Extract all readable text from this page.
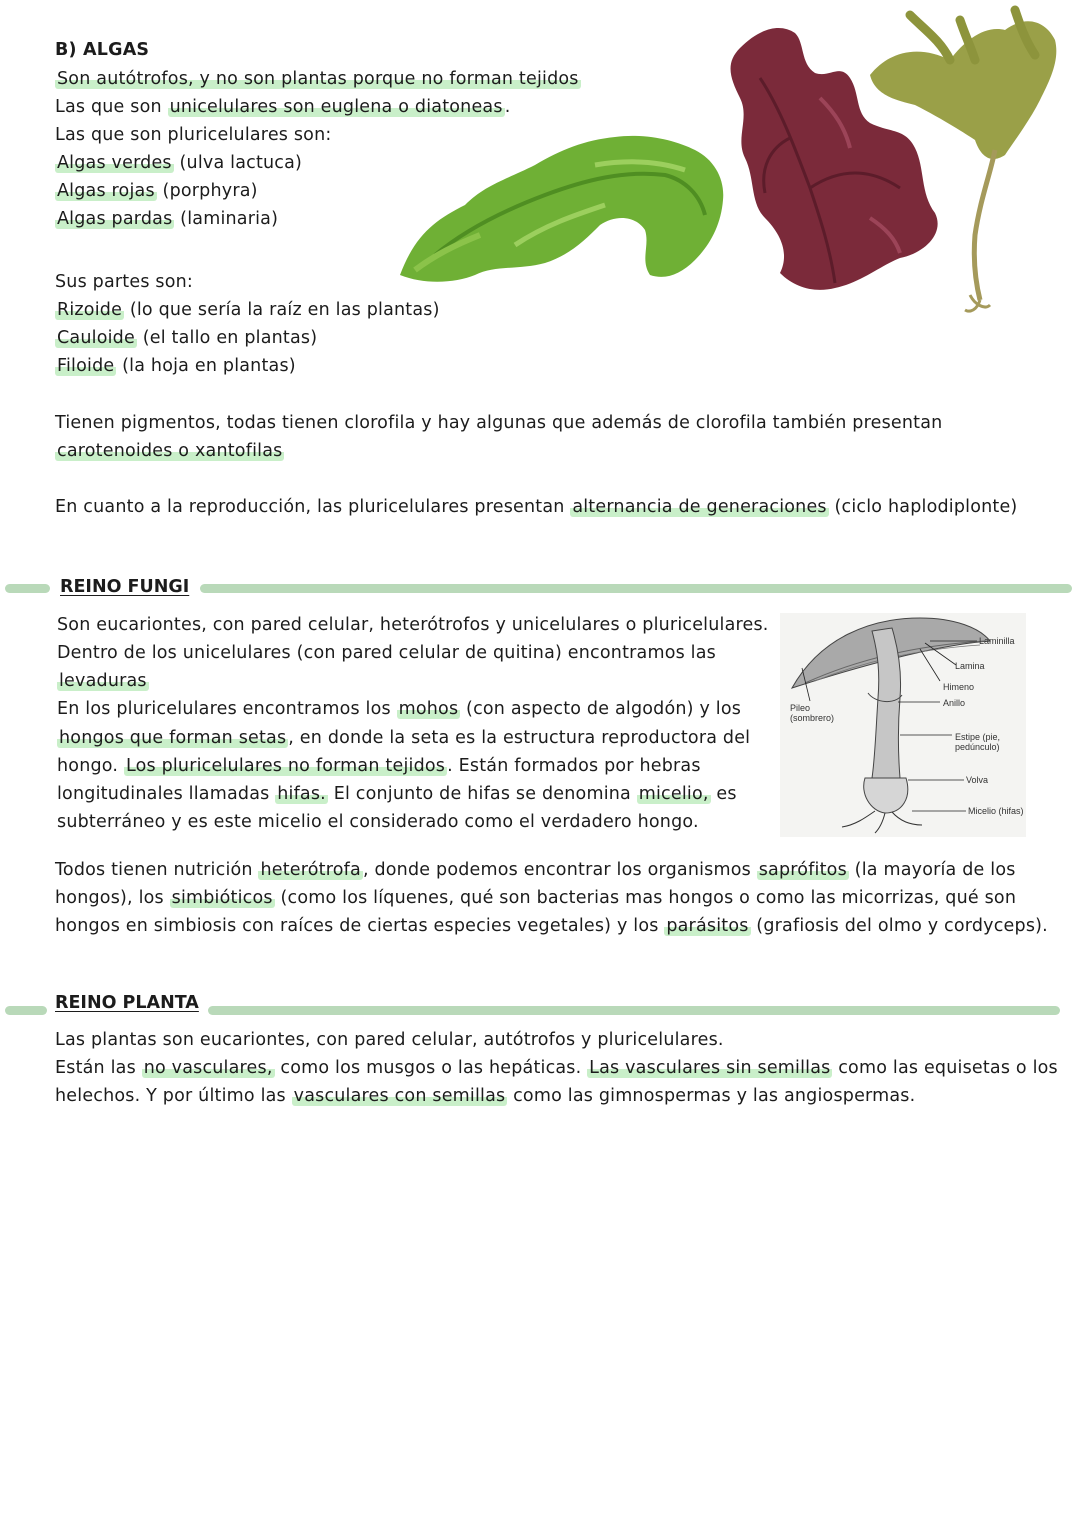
B) ALGAS
Son autótrofos, y no son plantas porque no forman tejidos
Las que son unicelulares son euglena o diatoneas .
Las que son pluricelulares son:
Algas verdes (ulva lactuca)
Algas rojas (porphyra)
Algas pardas (laminaria)
Sus partes son:
Rizoide (lo que sería la raíz en las plantas)
Cauloide (el tallo en plantas)
Filoide (la hoja en plantas)
Tienen pigmentos, todas tienen clorofila y hay algunas que además de clorofila también presentan
carotenoides o xantofilas
En cuanto a la reproducción, las pluricelulares presentan alternancia de generaciones (ciclo haplodiplonte)
REINO FUNGI
Son eucariontes, con pared celular, heterótrofos y unicelulares o pluricelulares.
Dentro de los unicelulares (con pared celular de quitina) encontramos las
levaduras
En los pluricelulares encontramos los mohos (con aspecto de algodón) y los
hongos que forman setas , en donde la seta es la estructura reproductora del
hongo. Los pluricelulares no forman tejidos . Están formados por hebras
longitudinales llamadas hifas. El conjunto de hifas se denomina micelio, es
subterráneo y es este micelio el considerado como el verdadero hongo.
Laminilla
Lamina
Himeno
Anillo
Pileo
(sombrero)
Estipe (pie,
pedúnculo)
Volva
Micelio (hifas)
Todos tienen nutrición heterótrofa , donde podemos encontrar los organismos saprófitos (la mayoría de los
hongos), los simbióticos (como los líquenes, qué son bacterias mas hongos o como las micorrizas, qué son
hongos en simbiosis con raíces de ciertas especies vegetales) y los parásitos (grafiosis del olmo y cordyceps).
REINO PLANTA
Las plantas son eucariontes, con pared celular, autótrofos y pluricelulares.
Están las no vasculares, como los musgos o las hepáticas. Las vasculares sin semillas como las equisetas o los
helechos. Y por último las vasculares con semillas como las gimnospermas y las angiospermas.
